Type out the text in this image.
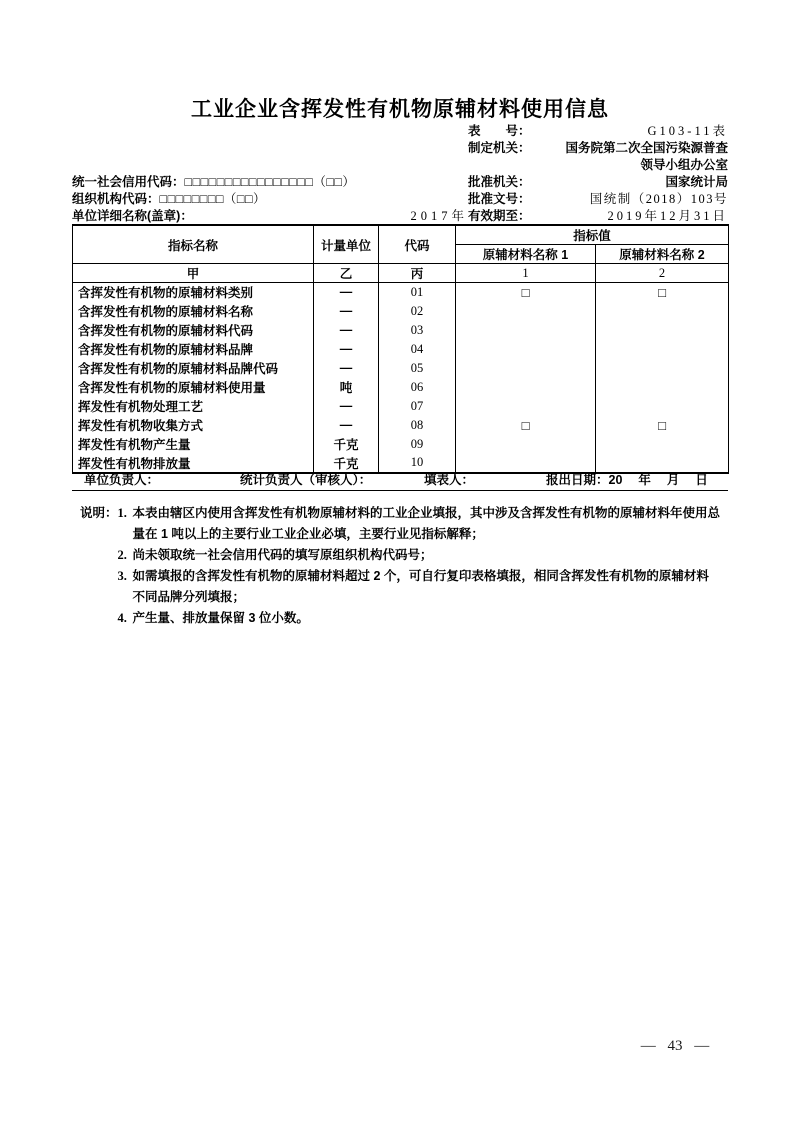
工业企业含挥发性有机物原辅材料使用信息
表　　号：	G103-11表
制定机关：	国务院第二次全国污染源普查
领导小组办公室
统一社会信用代码： □□□□□□□□□□□□□□□□（□□）	批准机关：	国家统计局
组织机构代码： □□□□□□□□（□□）	批准文号：	国统制（2018）103号
单位详细名称(盖章)：	2017年 有效期至：	2019年12月31日
指标名称	计量单位	代码	指标值	
			原辅材料名称 1	原辅材料名称 2
甲	乙	丙	1	2
含挥发性有机物的原辅材料类别	—	01	□	□
含挥发性有机物的原辅材料名称	—	02		
含挥发性有机物的原辅材料代码	—	03		
含挥发性有机物的原辅材料品牌	—	04		
含挥发性有机物的原辅材料品牌代码	—	05		
含挥发性有机物的原辅材料使用量	吨	06		
挥发性有机物处理工艺	—	07		
挥发性有机物收集方式	—	08	□	□
挥发性有机物产生量	千克	09		
挥发性有机物排放量	千克	10		
单位负责人：	统计负责人（审核人）：	填表人：	报出日期：20　 年　 月　 日
说明： 1. 本表由辖区内使用含挥发性有机物原辅材料的工业企业填报，其中涉及含挥发性有机物的原辅材料年使用总量在 1 吨以上的主要行业工业企业必填，主要行业见指标解释；
2. 尚未领取统一社会信用代码的填写原组织机构代码号；
3. 如需填报的含挥发性有机物的原辅材料超过 2 个，可自行复印表格填报，相同含挥发性有机物的原辅材料不同品牌分列填报；
4. 产生量、排放量保留 3 位小数。
— 43 —
